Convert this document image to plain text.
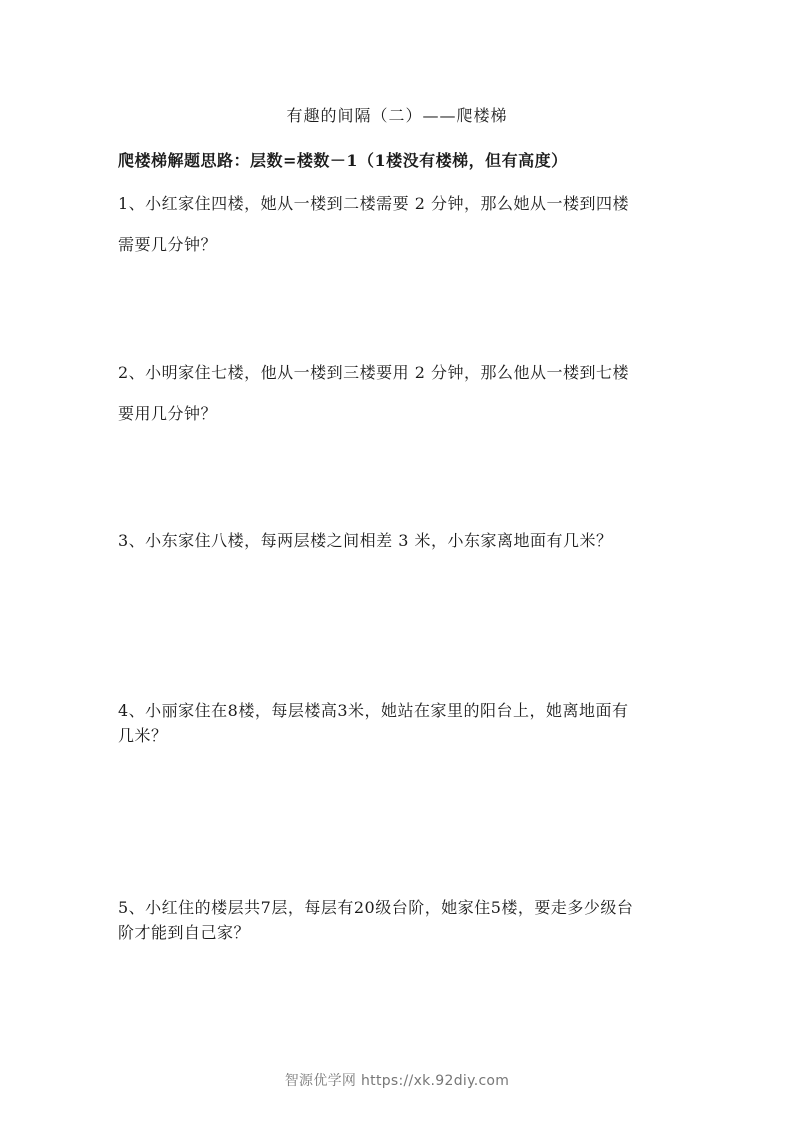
有趣的间隔（二）——爬楼梯
爬楼梯解题思路：层数=楼数－1（1楼没有楼梯，但有高度）
1、小红家住四楼，她从一楼到二楼需要 2 分钟，那么她从一楼到四楼
需要几分钟？
2、小明家住七楼，他从一楼到三楼要用 2 分钟，那么他从一楼到七楼
要用几分钟？
3、小东家住八楼，每两层楼之间相差 3 米，小东家离地面有几米？
4、小丽家住在8楼，每层楼高3米，她站在家里的阳台上，她离地面有
几米？
5、小红住的楼层共7层，每层有20级台阶，她家住5楼，要走多少级台
阶才能到自己家？
智源优学网 https://xk.92diy.com
